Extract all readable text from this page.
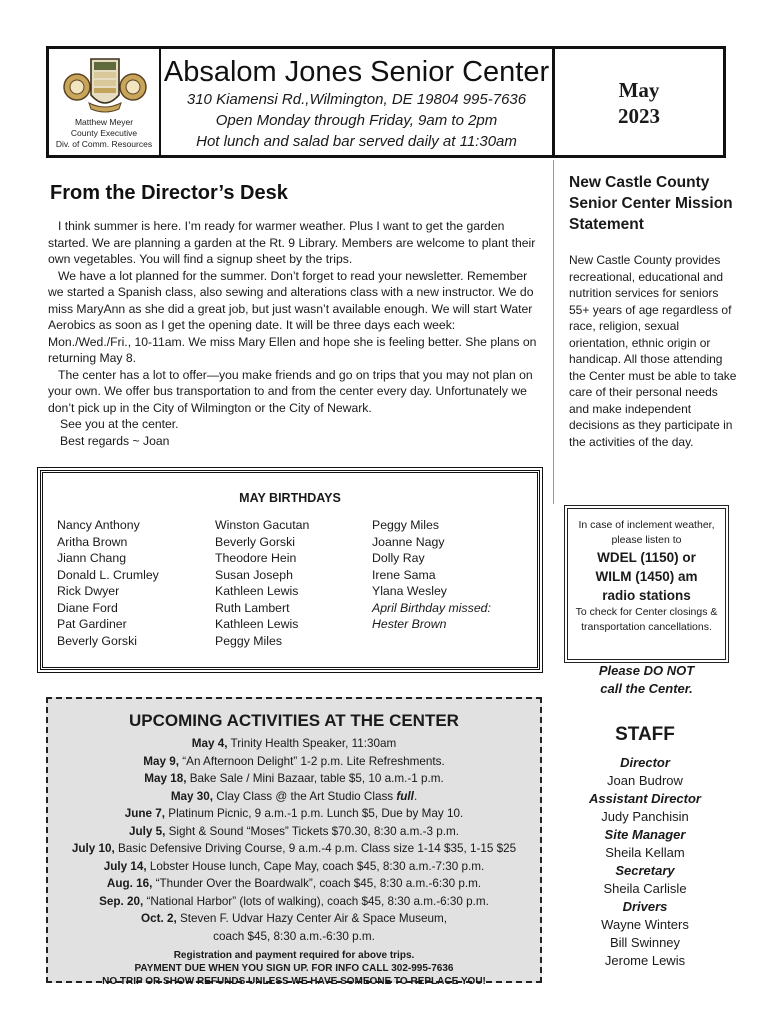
Matthew Meyer
County Executive
Div. of Comm. Resources
Absalom Jones Senior Center
310 Kiamensi Rd.,Wilmington, DE 19804 995-7636
Open Monday through Friday, 9am to 2pm
Hot lunch and salad bar served daily at 11:30am
May
2023
From the Director’s Desk

I think summer is here. I’m ready for warmer weather. Plus I want to get the garden started. We are planning a garden at the Rt. 9 Library. Members are welcome to plant their own vegetables. You will find a signup sheet by the trips.

We have a lot planned for the summer. Don’t forget to read your newsletter. Remember we started a Spanish class, also sewing and alterations class with a new instructor. We do miss MaryAnn as she did a great job, but just wasn’t available enough. We will start Water Aerobics as soon as I get the opening date. It will be three days each week: Mon./Wed./Fri., 10-11am. We miss Mary Ellen and hope she is feeling better. She plans on returning May 8.

The center has a lot to offer—you make friends and go on trips that you may not plan on your own. We offer bus transportation to and from the center every day. Unfortunately we don’t pick up in the City of Wilmington or the City of Newark.

See you at the center.

Best regards ~ Joan

New Castle County Senior Center Mission Statement
New Castle County provides recreational, educational and nutrition services for seniors 55+ years of age regardless of race, religion, sexual orientation, ethnic origin or handicap. All those attending the Center must be able to take care of their personal needs and make independent decisions as they participate in the activities of the day.
MAY BIRTHDAYS
Nancy Anthony
Aritha Brown
Jiann Chang
Donald L. Crumley
Rick Dwyer
Diane Ford
Pat Gardiner
Beverly Gorski
Winston Gacutan
Beverly Gorski
Theodore Hein
Susan Joseph
Kathleen Lewis
Ruth Lambert
Kathleen Lewis
Peggy Miles
Peggy Miles
Joanne Nagy
Dolly Ray
Irene Sama
Ylana Wesley
April Birthday missed:
Hester Brown
In case of inclement weather, please listen to
WDEL (1150) or
WILM (1450) am
radio stations
To check for Center closings & transportation cancellations.
Please DO NOT
call the Center.
UPCOMING ACTIVITIES AT THE CENTER
May 4, Trinity Health Speaker, 11:30am
May 9, “An Afternoon Delight” 1-2 p.m. Lite Refreshments.
May 18, Bake Sale / Mini Bazaar, table $5, 10 a.m.-1 p.m.
May 30, Clay Class @ the Art Studio Class full.
June 7, Platinum Picnic, 9 a.m.-1 p.m. Lunch $5, Due by May 10.
July 5, Sight & Sound “Moses” Tickets $70.30, 8:30 a.m.-3 p.m.
July 10, Basic Defensive Driving Course, 9 a.m.-4 p.m. Class size 1-14 $35, 1-15 $25
July 14, Lobster House lunch, Cape May, coach $45, 8:30 a.m.-7:30 p.m.
Aug. 16, “Thunder Over the Boardwalk”, coach $45, 8:30 a.m.-6:30 p.m.
Sep. 20, “National Harbor” (lots of walking), coach $45, 8:30 a.m.-6:30 p.m.
Oct. 2, Steven F. Udvar Hazy Center Air & Space Museum,
coach $45, 8:30 a.m.-6:30 p.m.
Registration and payment required for above trips.
PAYMENT DUE WHEN YOU SIGN UP. FOR INFO CALL 302-995-7636
NO TRIP OR SHOW REFUNDS UNLESS WE HAVE SOMEONE TO REPLACE YOU!
STAFF
Director
Joan Budrow
Assistant Director
Judy Panchisin
Site Manager
Sheila Kellam
Secretary
Sheila Carlisle
Drivers
Wayne Winters
Bill Swinney
Jerome Lewis
